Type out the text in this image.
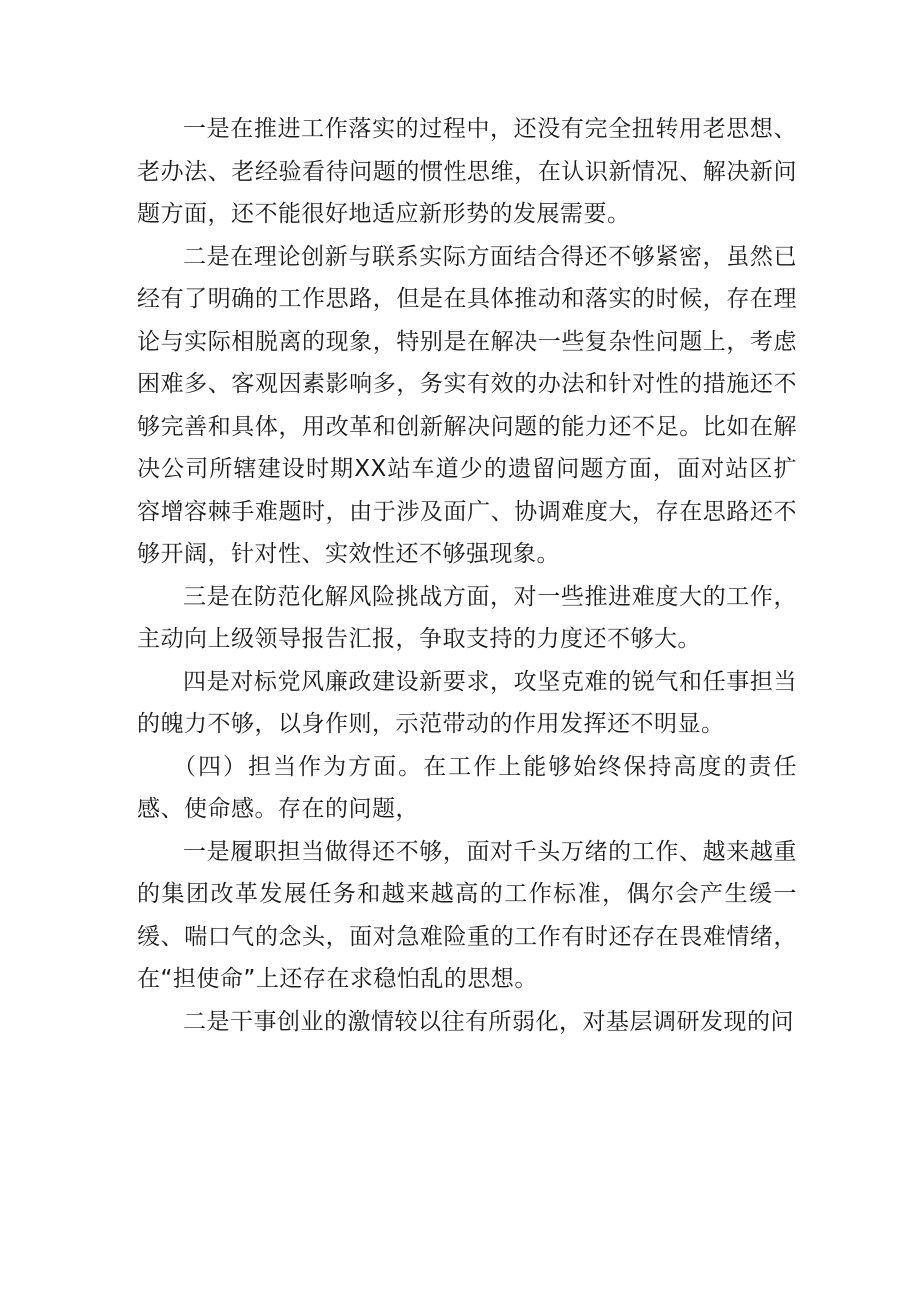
一是在推进工作落实的过程中，还没有完全扭转用老思想、老办法、老经验看待问题的惯性思维，在认识新情况、解决新问题方面，还不能很好地适应新形势的发展需要。

二是在理论创新与联系实际方面结合得还不够紧密，虽然已经有了明确的工作思路，但是在具体推动和落实的时候，存在理论与实际相脱离的现象，特别是在解决一些复杂性问题上，考虑困难多、客观因素影响多，务实有效的办法和针对性的措施还不够完善和具体，用改革和创新解决问题的能力还不足。比如在解决公司所辖建设时期XX站车道少的遗留问题方面，面对站区扩容增容棘手难题时，由于涉及面广、协调难度大，存在思路还不够开阔，针对性、实效性还不够强现象。

三是在防范化解风险挑战方面，对一些推进难度大的工作，主动向上级领导报告汇报，争取支持的力度还不够大。

四是对标党风廉政建设新要求，攻坚克难的锐气和任事担当的魄力不够，以身作则，示范带动的作用发挥还不明显。

（四）担当作为方面。在工作上能够始终保持高度的责任感、使命感。存在的问题，

一是履职担当做得还不够，面对千头万绪的工作、越来越重的集团改革发展任务和越来越高的工作标准，偶尔会产生缓一缓、喘口气的念头，面对急难险重的工作有时还存在畏难情绪，在“担使命”上还存在求稳怕乱的思想。

二是干事创业的激情较以往有所弱化，对基层调研发现的问
